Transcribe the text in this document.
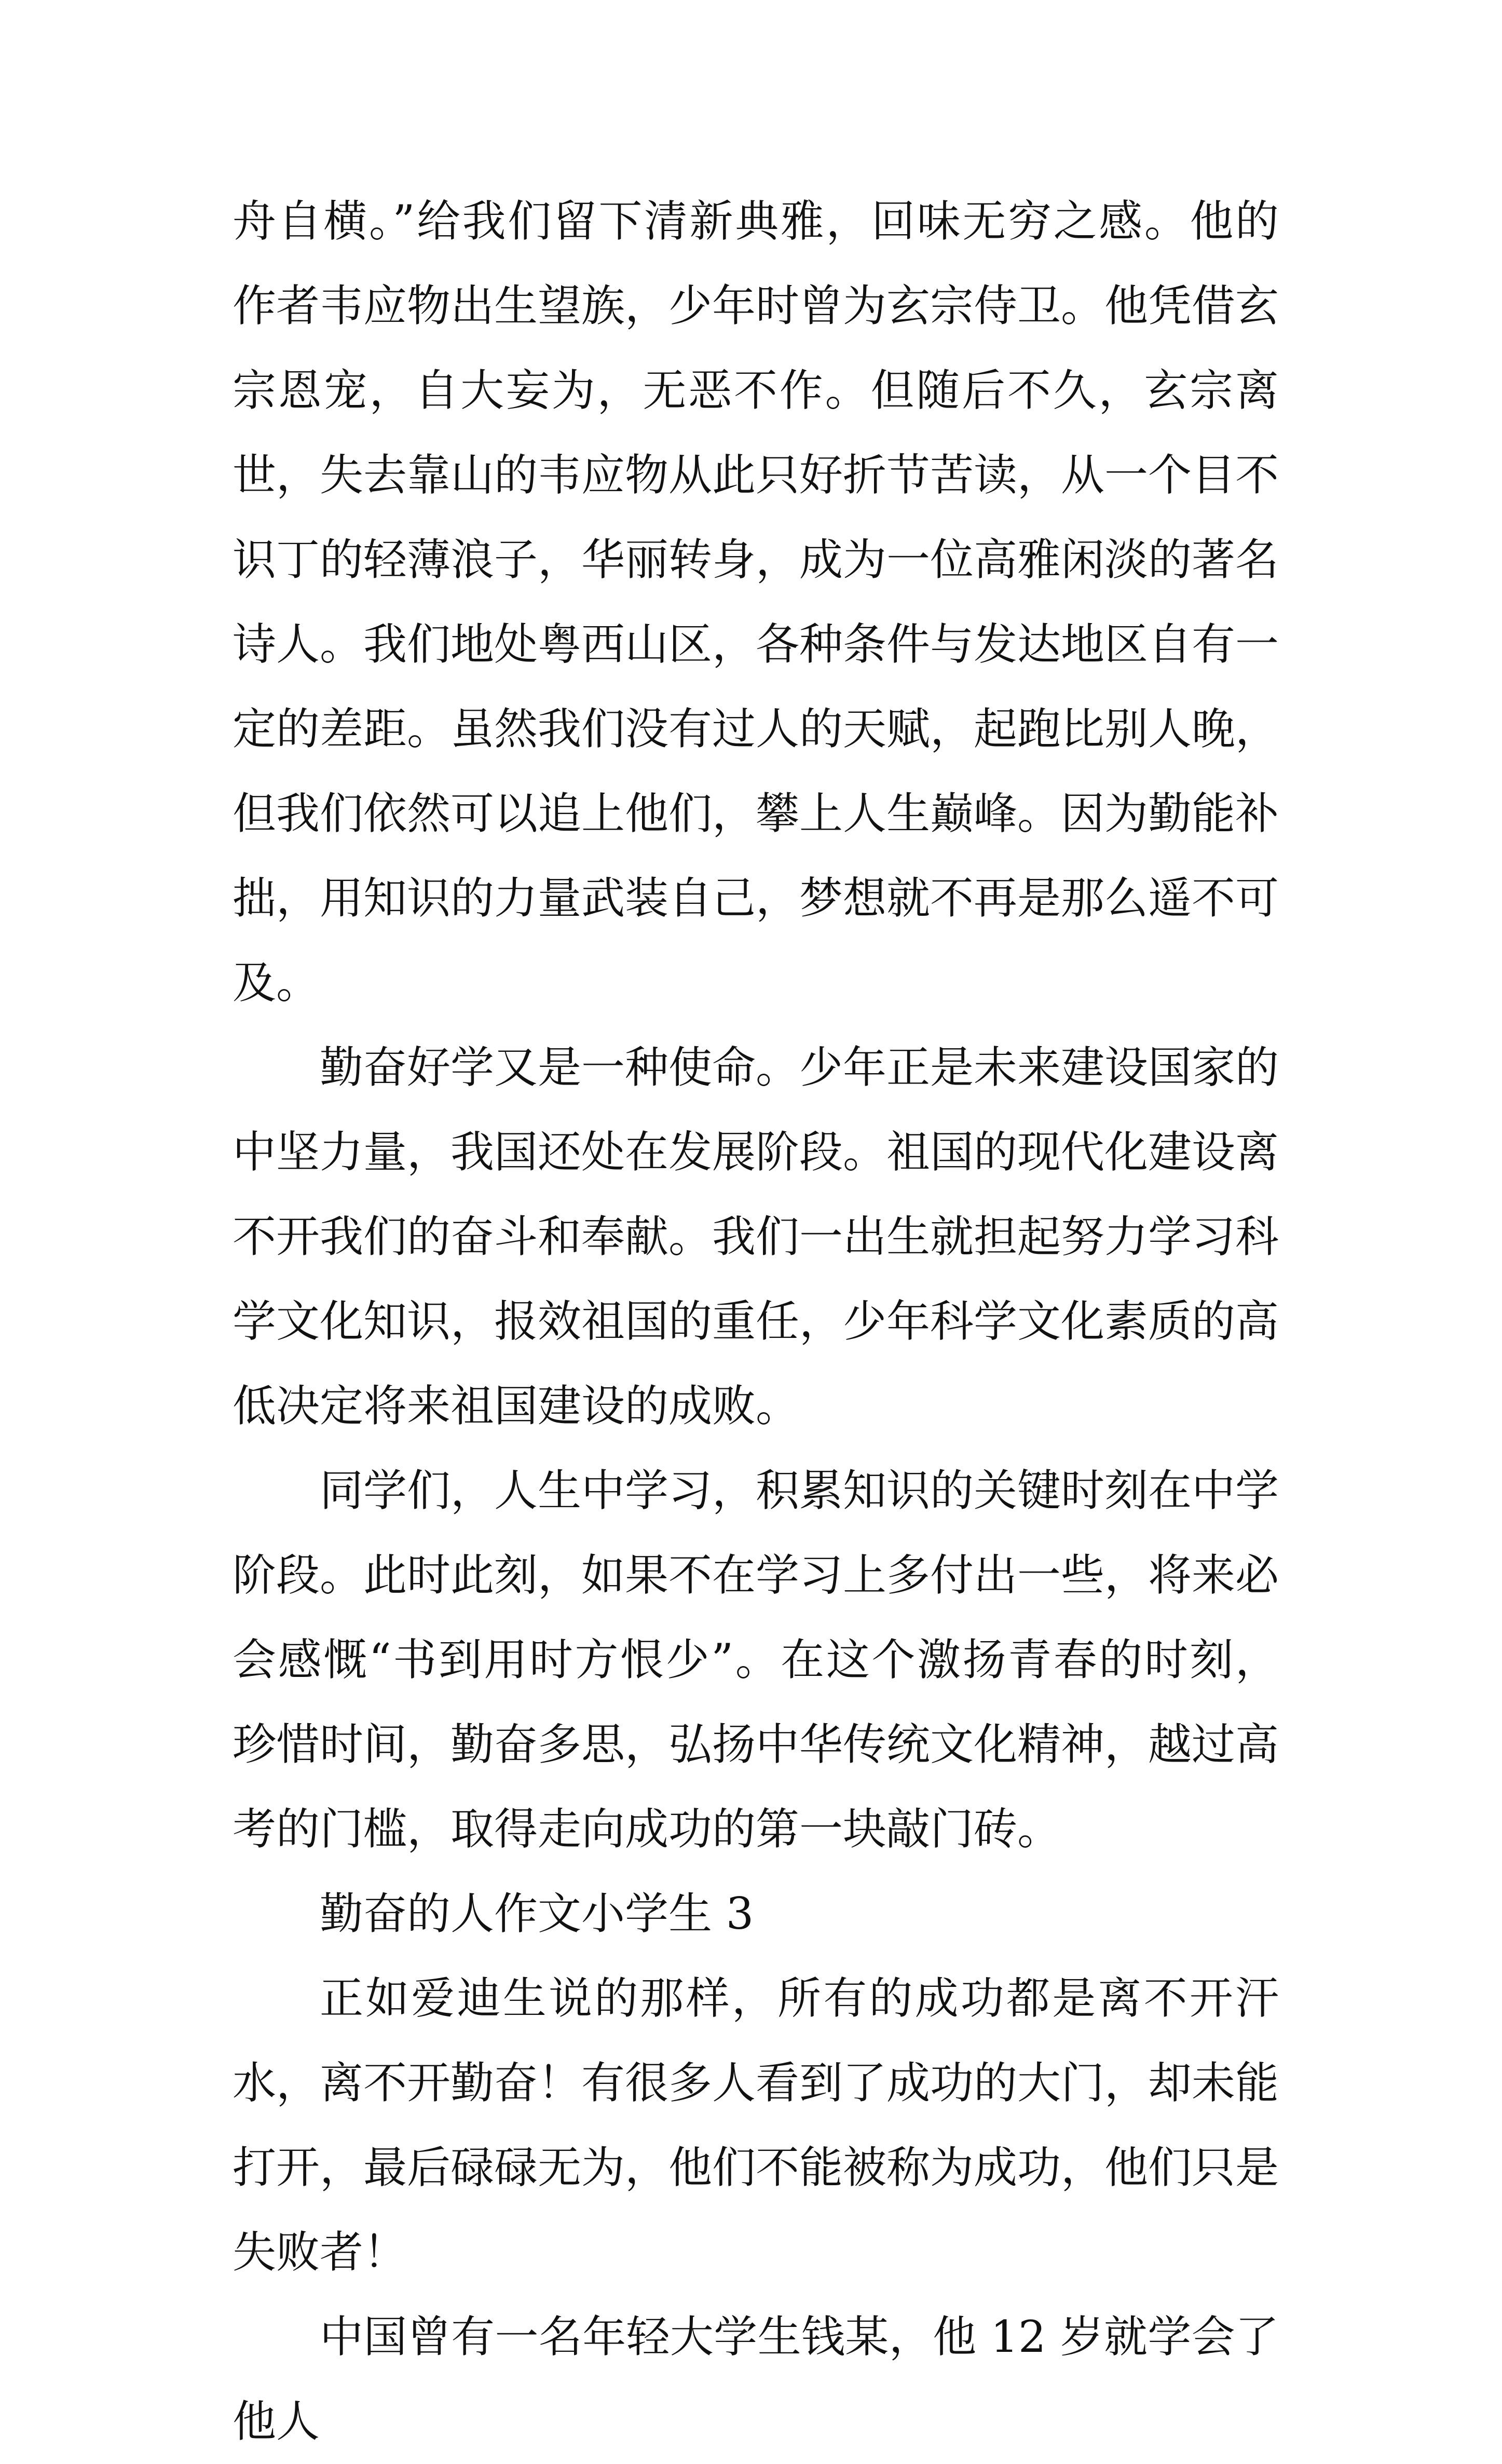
舟自横。”给我们留下清新典雅，回味无穷之感。他的作者韦应物出生望族，少年时曾为玄宗侍卫。他凭借玄宗恩宠，自大妄为，无恶不作。但随后不久，玄宗离世，失去靠山的韦应物从此只好折节苦读，从一个目不识丁的轻薄浪子，华丽转身，成为一位高雅闲淡的著名诗人。我们地处粤西山区，各种条件与发达地区自有一定的差距。虽然我们没有过人的天赋，起跑比别人晚，但我们依然可以追上他们，攀上人生巅峰。因为勤能补拙，用知识的力量武装自己，梦想就不再是那么遥不可及。

勤奋好学又是一种使命。少年正是未来建设国家的中坚力量，我国还处在发展阶段。祖国的现代化建设离不开我们的奋斗和奉献。我们一出生就担起努力学习科学文化知识，报效祖国的重任，少年科学文化素质的高低决定将来祖国建设的成败。

同学们，人生中学习，积累知识的关键时刻在中学阶段。此时此刻，如果不在学习上多付出一些，将来必会感慨“书到用时方恨少”。在这个激扬青春的时刻，珍惜时间，勤奋多思，弘扬中华传统文化精神，越过高考的门槛，取得走向成功的第一块敲门砖。

勤奋的人作文小学生 3

正如爱迪生说的那样，所有的成功都是离不开汗水，离不开勤奋！有很多人看到了成功的大门，却未能打开，最后碌碌无为，他们不能被称为成功，他们只是失败者！

中国曾有一名年轻大学生钱某，他 12 岁就学会了他人
